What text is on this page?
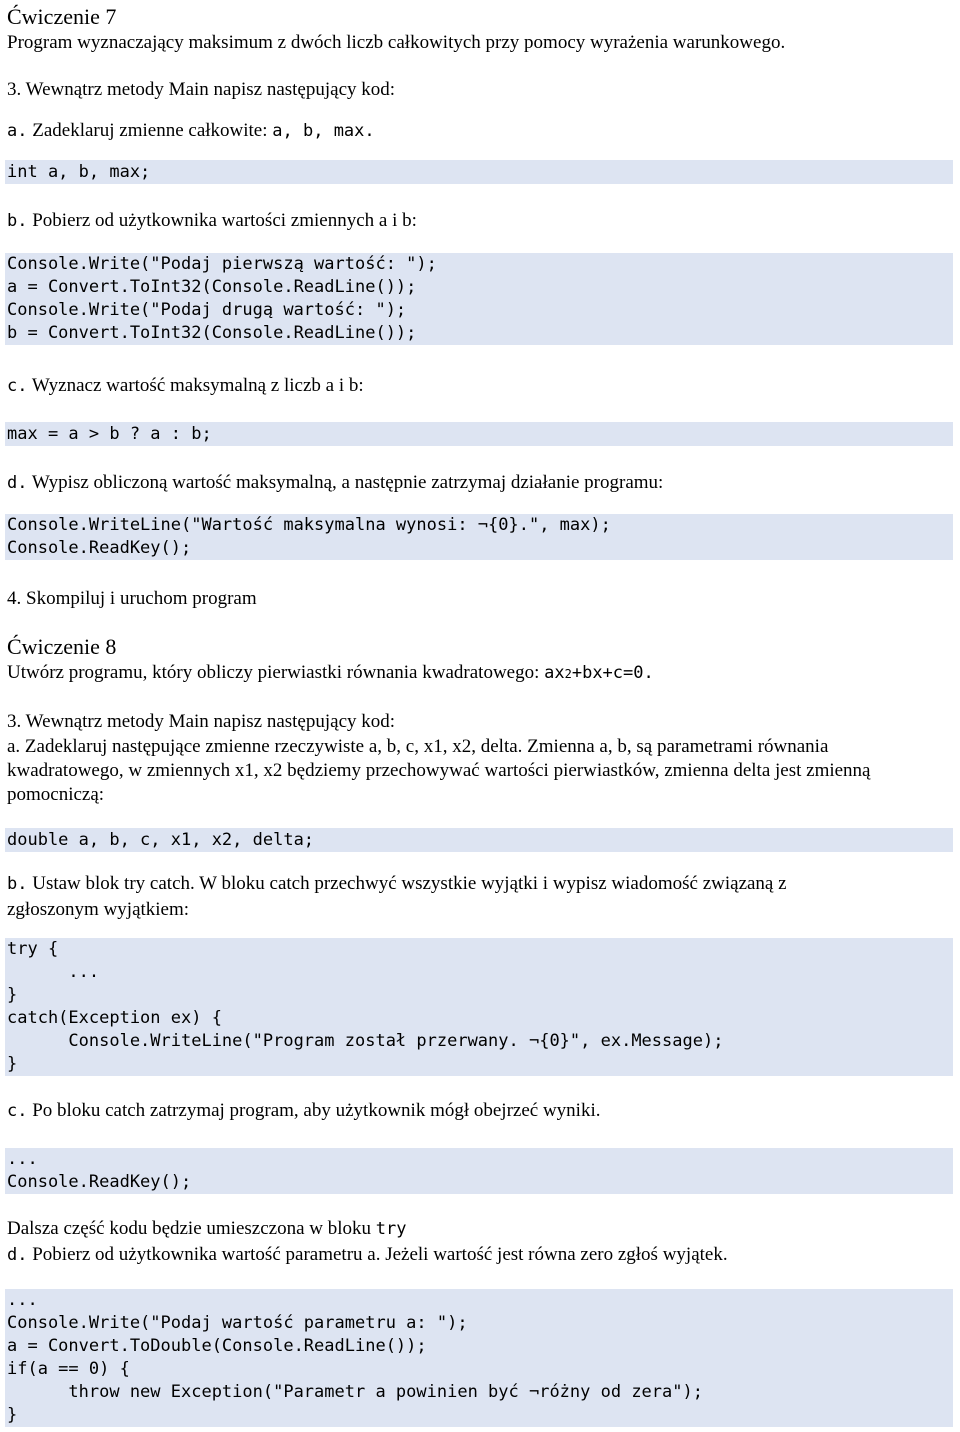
Ćwiczenie 7
Program wyznaczający maksimum z dwóch liczb całkowitych przy pomocy wyrażenia warunkowego.
3. Wewnątrz metody Main napisz następujący kod:
a. Zadeklaruj zmienne całkowite: a, b, max.
int a, b, max;
b. Pobierz od użytkownika wartości zmiennych a i b:
Console.Write("Podaj pierwszą wartość: ");
a = Convert.ToInt32(Console.ReadLine());
Console.Write("Podaj drugą wartość: ");
b = Convert.ToInt32(Console.ReadLine());
c. Wyznacz wartość maksymalną z liczb a i b:
max = a > b ? a : b;
d. Wypisz obliczoną wartość maksymalną, a następnie zatrzymaj działanie programu:
Console.WriteLine("Wartość maksymalna wynosi: ¬{0}.", max);
Console.ReadKey();
4. Skompiluj i uruchom program
Ćwiczenie 8
Utwórz programu, który obliczy pierwiastki równania kwadratowego: ax2+bx+c=0.
3. Wewnątrz metody Main napisz następujący kod:
a. Zadeklaruj następujące zmienne rzeczywiste a, b, c, x1, x2, delta. Zmienna a, b, są parametrami równania
kwadratowego, w zmiennych x1, x2 będziemy przechowywać wartości pierwiastków, zmienna delta jest zmienną
pomocniczą:
double a, b, c, x1, x2, delta;
b. Ustaw blok try catch. W bloku catch przechwyć wszystkie wyjątki i wypisz wiadomość związaną z
zgłoszonym wyjątkiem:
try {
...
}
catch(Exception ex) {
Console.WriteLine("Program został przerwany. ¬{0}", ex.Message);
}
c. Po bloku catch zatrzymaj program, aby użytkownik mógł obejrzeć wyniki.
...
Console.ReadKey();
Dalsza część kodu będzie umieszczona w bloku try
d. Pobierz od użytkownika wartość parametru a. Jeżeli wartość jest równa zero zgłoś wyjątek.
...
Console.Write("Podaj wartość parametru a: ");
a = Convert.ToDouble(Console.ReadLine());
if(a == 0) {
throw new Exception("Parametr a powinien być ¬różny od zera");
}
